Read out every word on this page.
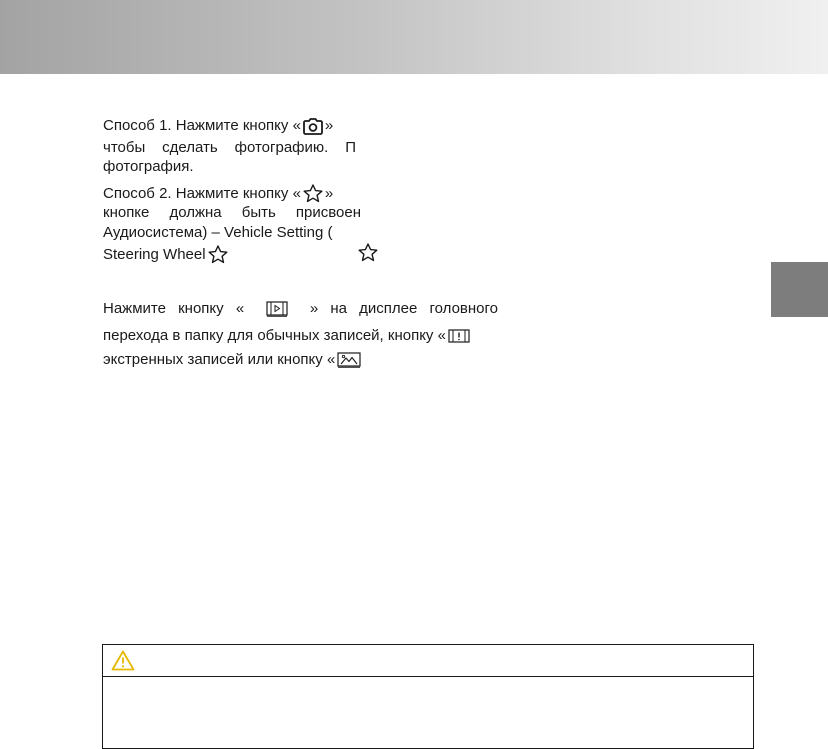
Способ 1. Нажмите кнопку « »
чтобы сделать фотографию. П
фотография.
Способ 2. Нажмите кнопку « »
кнопке должна быть присвоен
Аудиосистема) – Vehicle Setting (
Steering Wheel
Нажмите кнопку «	» на дисплее головного
перехода в папку для обычных записей, кнопку «
экстренных записей или кнопку «
